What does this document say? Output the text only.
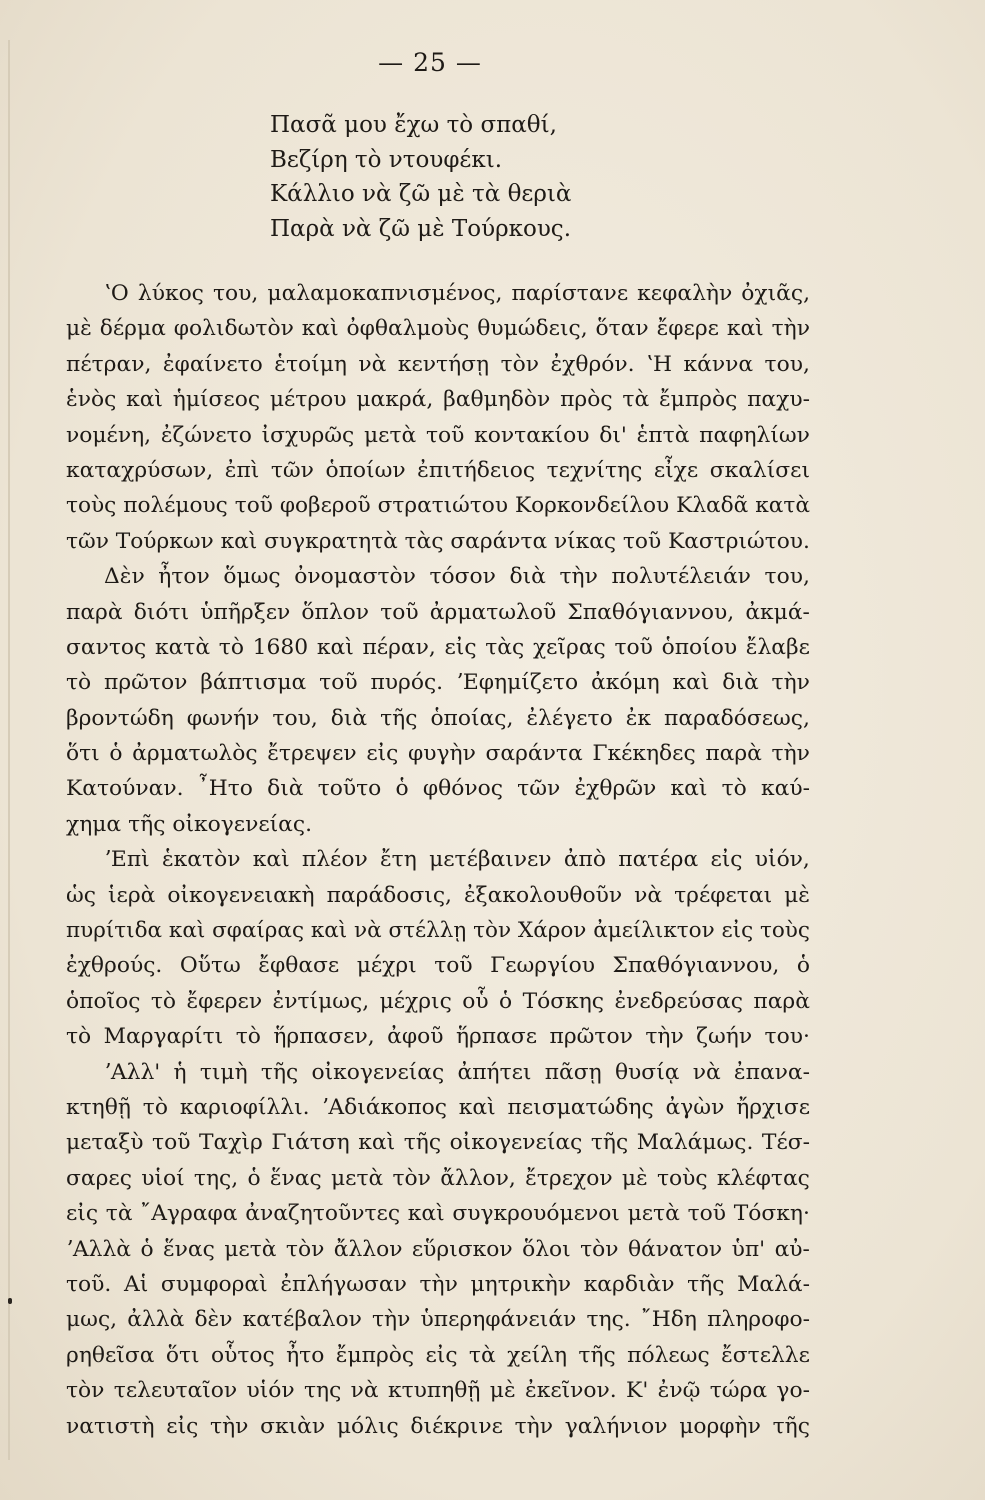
— 25 —
Πασᾶ μου ἔχω τὸ σπαθί,
Βεζίρη τὸ ντουφέκι.
Κάλλιο νὰ ζῶ μὲ τὰ θεριὰ
Παρὰ νὰ ζῶ μὲ Τούρκους.
ʽΟ λύκος του, μαλαμοκαπνισμένος, παρίστανε κεφαλὴν ὀχιᾶς,
μὲ δέρμα φολιδωτὸν καὶ ὀφθαλμοὺς θυμώδεις, ὅταν ἔφερε καὶ τὴν
πέτραν, ἐφαίνετο ἑτοίμη νὰ κεντήσῃ τὸν ἐχθρόν. ʽΗ κάννα του,
ἑνὸς καὶ ἡμίσεος μέτρου μακρά, βαθμηδὸν πρὸς τὰ ἔμπρὸς παχυ-
νομένη, ἐζώνετο ἰσχυρῶς μετὰ τοῦ κοντακίου δι' ἑπτὰ παφηλίων
καταχρύσων, ἐπὶ τῶν ὁποίων ἐπιτήδειος τεχνίτης εἶχε σκαλίσει
τοὺς πολέμους τοῦ φοβεροῦ στρατιώτου Κορκονδείλου Κλαδᾶ κατὰ
τῶν Τούρκων καὶ συγκρατητὰ τὰς σαράντα νίκας τοῦ Καστριώτου.
Δὲν ἦτον ὅμως ὀνομαστὸν τόσον διὰ τὴν πολυτέλειάν του,
παρὰ διότι ὑπῆρξεν ὅπλον τοῦ ἀρματωλοῦ Σπαθόγιαννου, ἀκμά-
σαντος κατὰ τὸ 1680 καὶ πέραν, εἰς τὰς χεῖρας τοῦ ὁποίου ἔλαβε
τὸ πρῶτον βάπτισμα τοῦ πυρός. ʼΕφημίζετο ἀκόμη καὶ διὰ τὴν
βροντώδη φωνήν του, διὰ τῆς ὁποίας, ἐλέγετο ἐκ παραδόσεως,
ὅτι ὁ ἀρματωλὸς ἔτρεψεν εἰς φυγὴν σαράντα Γκέκηδες παρὰ τὴν
Κατούναν. ῏Ητο διὰ τοῦτο ὁ φθόνος τῶν ἐχθρῶν καὶ τὸ καύ-
χημα τῆς οἰκογενείας.
ʼΕπὶ ἑκατὸν καὶ πλέον ἔτη μετέβαινεν ἀπὸ πατέρα εἰς υἱόν,
ὡς ἱερὰ οἰκογενειακὴ παράδοσις, ἐξακολουθοῦν νὰ τρέφεται μὲ
πυρίτιδα καὶ σφαίρας καὶ νὰ στέλλῃ τὸν Χάρον ἀμείλικτον εἰς τοὺς
ἐχθρούς. Οὕτω ἔφθασε μέχρι τοῦ Γεωργίου Σπαθόγιαννου, ὁ
ὁποῖος τὸ ἔφερεν ἐντίμως, μέχρις οὗ ὁ Τόσκης ἐνεδρεύσας παρὰ
τὸ Μαργαρίτι τὸ ἥρπασεν, ἀφοῦ ἥρπασε πρῶτον τὴν ζωήν του·
ʼΑλλ' ἡ τιμὴ τῆς οἰκογενείας ἀπήτει πᾶσῃ θυσίᾳ νὰ ἐπανα-
κτηθῇ τὸ καριοφίλλι. ʼΑδιάκοπος καὶ πεισματώδης ἀγὼν ἤρχισε
μεταξὺ τοῦ Ταχὶρ Γιάτση καὶ τῆς οἰκογενείας τῆς Μαλάμως. Τέσ-
σαρες υἱοί της, ὁ ἕνας μετὰ τὸν ἄλλον, ἔτρεχον μὲ τοὺς κλέφτας
εἰς τὰ ῎Αγραφα ἀναζητοῦντες καὶ συγκρουόμενοι μετὰ τοῦ Τόσκη·
ʼΑλλὰ ὁ ἕνας μετὰ τὸν ἄλλον εὕρισκον ὅλοι τὸν θάνατον ὑπ' αὐ-
τοῦ. Αἱ συμφοραὶ ἐπλήγωσαν τὴν μητρικὴν καρδιὰν τῆς Μαλά-
μως, ἀλλὰ δὲν κατέβαλον τὴν ὑπερηφάνειάν της. ῎Ηδη πληροφο-
ρηθεῖσα ὅτι οὗτος ἦτο ἔμπρὸς εἰς τὰ χείλη τῆς πόλεως ἔστελλε
τὸν τελευταῖον υἱόν της νὰ κτυπηθῇ μὲ ἐκεῖνον. Κ' ἐνῷ τώρα γο-
νατιστὴ εἰς τὴν σκιὰν μόλις διέκρινε τὴν γαλήνιον μορφὴν τῆς
